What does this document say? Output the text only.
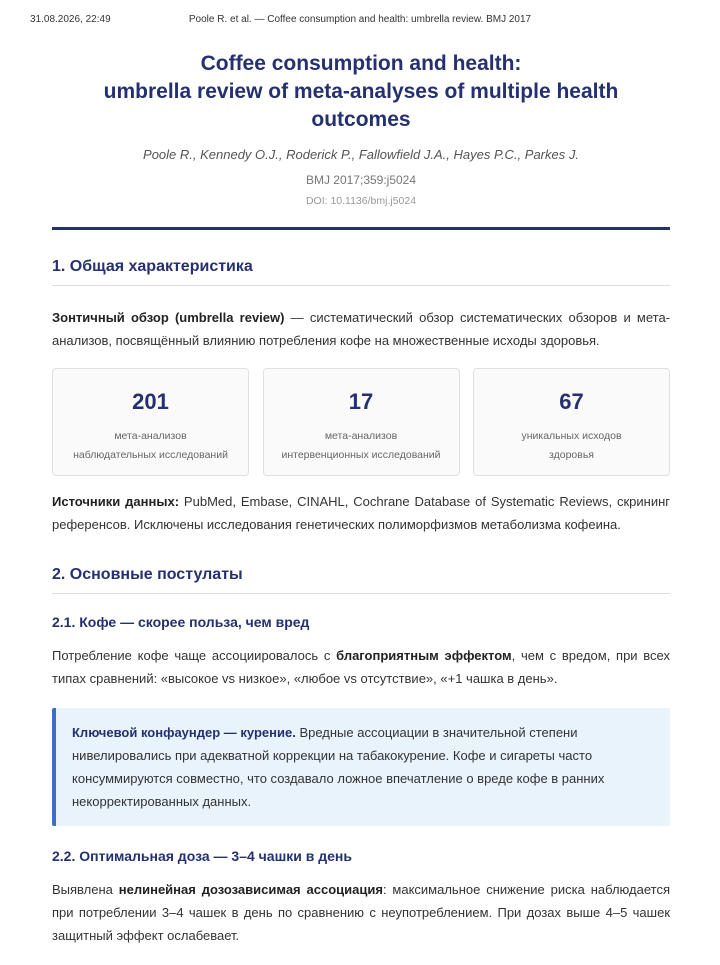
31.08.2026, 22:49	Poole R. et al. — Coffee consumption and health: umbrella review. BMJ 2017
Coffee consumption and health:
umbrella review of meta-analyses of multiple health outcomes
Poole R., Kennedy O.J., Roderick P., Fallowfield J.A., Hayes P.C., Parkes J.
BMJ 2017;359:j5024
DOI: 10.1136/bmj.j5024
1. Общая характеристика

Зонтичный обзор (umbrella review) — систематический обзор систематических обзоров и мета-анализов, посвящённый влиянию потребления кофе на множественные исходы здоровья.

201
мета-анализов
наблюдательных исследований
17
мета-анализов
интервенционных исследований
67
уникальных исходов
здоровья

Источники данных: PubMed, Embase, CINAHL, Cochrane Database of Systematic Reviews, скрининг референсов. Исключены исследования генетических полиморфизмов метаболизма кофеина.

2. Основные постулаты
2.1. Кофе — скорее польза, чем вред

Потребление кофе чаще ассоциировалось с благоприятным эффектом, чем с вредом, при всех типах сравнений: «высокое vs низкое», «любое vs отсутствие», «+1 чашка в день».

Ключевой конфаундер — курение. Вредные ассоциации в значительной степени нивелировались при адекватной коррекции на табакокурение. Кофе и сигареты часто консуммируются совместно, что создавало ложное впечатление о вреде кофе в ранних некорректированных данных.

2.2. Оптимальная доза — 3–4 чашки в день

Выявлена нелинейная дозозависимая ассоциация: максимальное снижение риска наблюдается при потреблении 3–4 чашек в день по сравнению с неупотреблением. При дозах выше 4–5 чашек защитный эффект ослабевает.
